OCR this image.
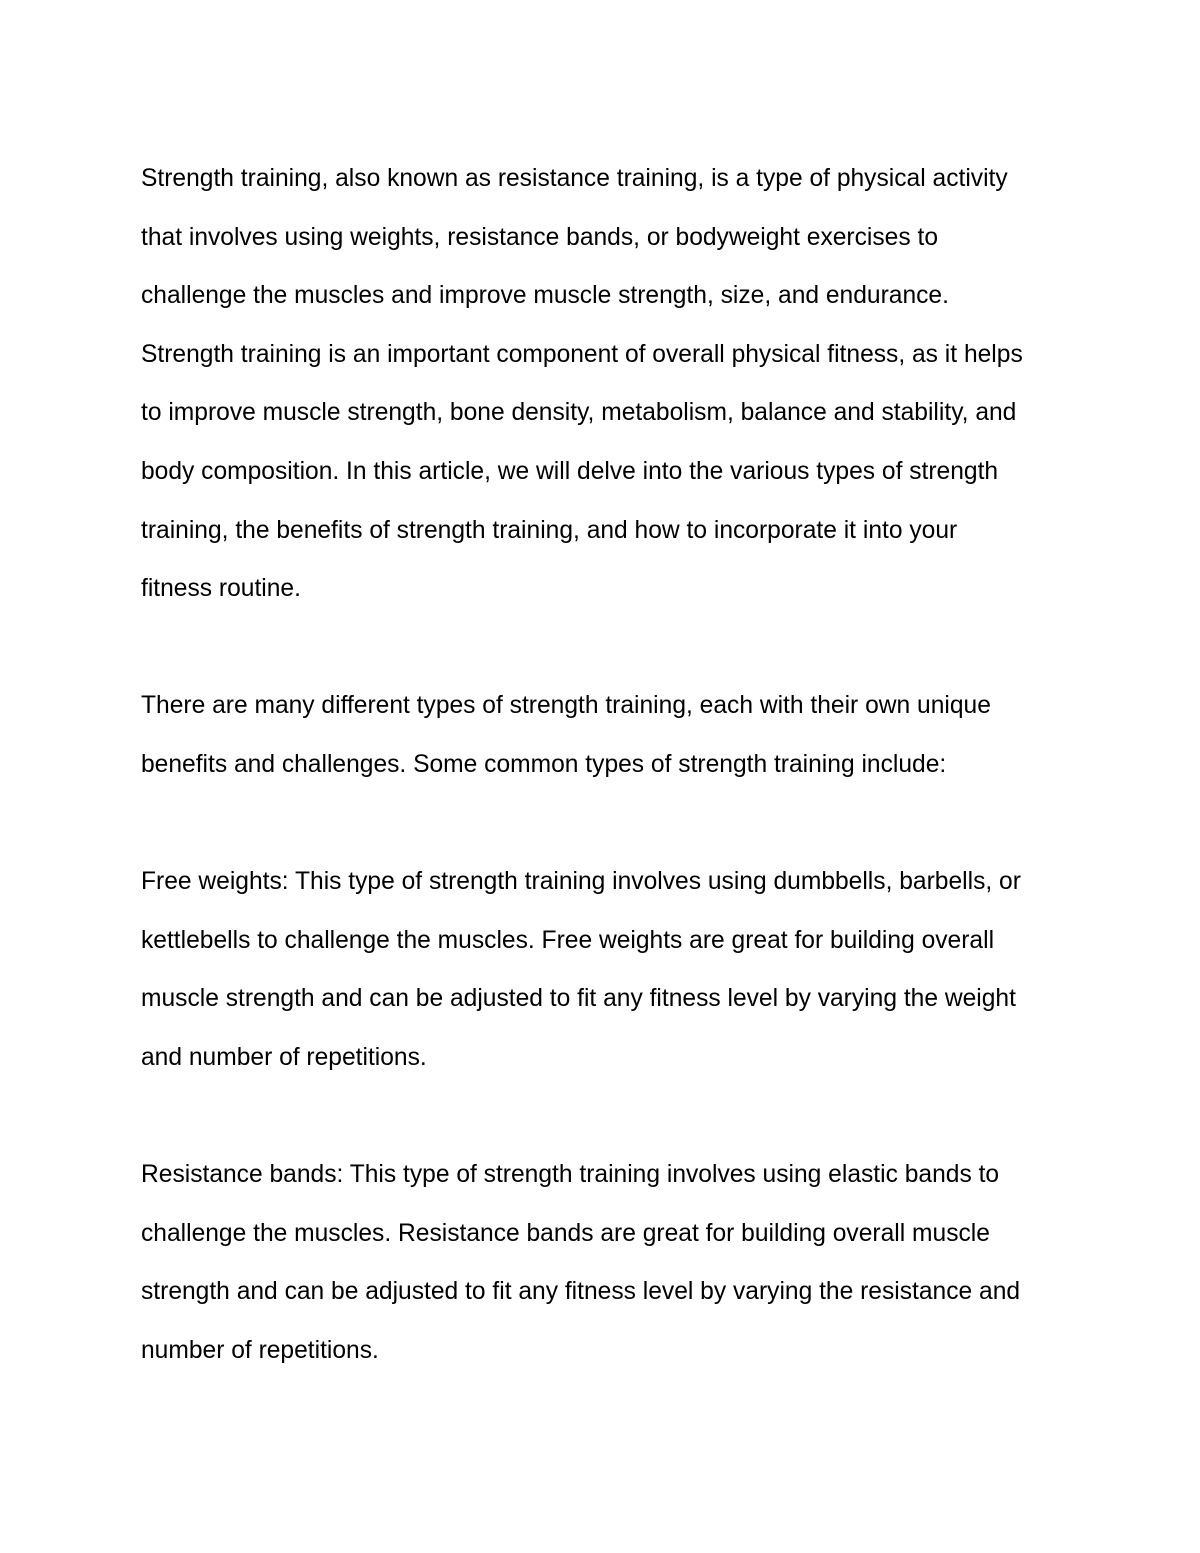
Strength training, also known as resistance training, is a type of physical activity
that involves using weights, resistance bands, or bodyweight exercises to
challenge the muscles and improve muscle strength, size, and endurance.
Strength training is an important component of overall physical fitness, as it helps
to improve muscle strength, bone density, metabolism, balance and stability, and
body composition. In this article, we will delve into the various types of strength
training, the benefits of strength training, and how to incorporate it into your
fitness routine.

There are many different types of strength training, each with their own unique
benefits and challenges. Some common types of strength training include:

Free weights: This type of strength training involves using dumbbells, barbells, or
kettlebells to challenge the muscles. Free weights are great for building overall
muscle strength and can be adjusted to fit any fitness level by varying the weight
and number of repetitions.

Resistance bands: This type of strength training involves using elastic bands to
challenge the muscles. Resistance bands are great for building overall muscle
strength and can be adjusted to fit any fitness level by varying the resistance and
number of repetitions.
